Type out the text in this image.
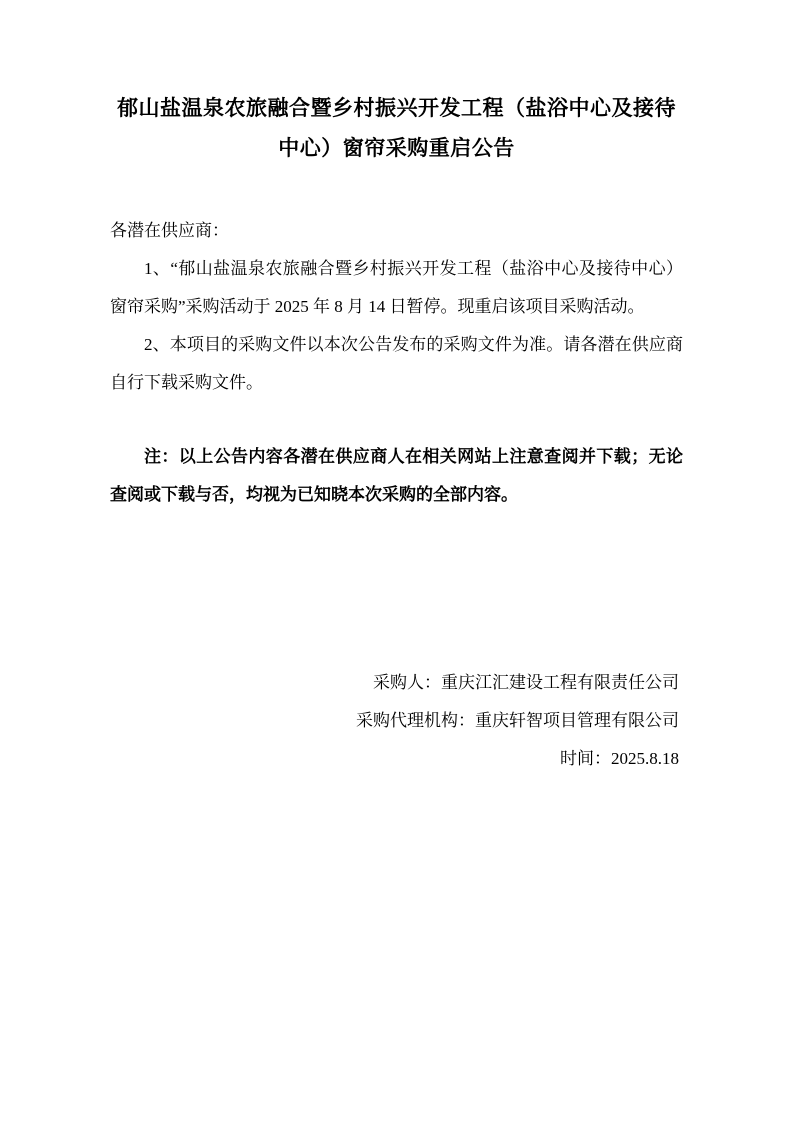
郁山盐温泉农旅融合暨乡村振兴开发工程（盐浴中心及接待中心）窗帘采购重启公告
各潜在供应商：

1、“郁山盐温泉农旅融合暨乡村振兴开发工程（盐浴中心及接待中心）窗帘采购”采购活动于 2025 年 8 月 14 日暂停。现重启该项目采购活动。

2、本项目的采购文件以本次公告发布的采购文件为准。请各潜在供应商自行下载采购文件。

注：以上公告内容各潜在供应商人在相关网站上注意查阅并下载；无论查阅或下载与否，均视为已知晓本次采购的全部内容。

采购人：重庆江汇建设工程有限责任公司
采购代理机构：重庆轩智项目管理有限公司
时间：2025.8.18
